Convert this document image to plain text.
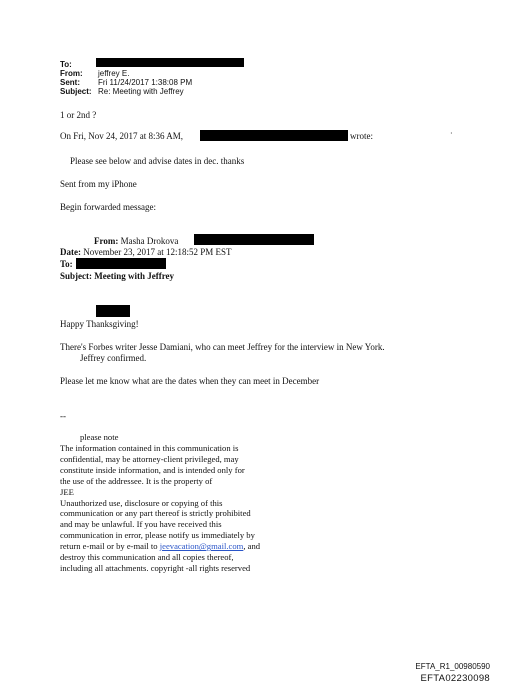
To:
From: jeffrey E.
Sent: Fri 11/24/2017 1:38:08 PM
Subject: Re: Meeting with Jeffrey
1 or 2nd ?
On Fri, Nov 24, 2017 at 8:36 AM,	wrote:	·
Please see below and advise dates in dec. thanks
Sent from my iPhone
Begin forwarded message:
From: Masha Drokova
Date: November 23, 2017 at 12:18:52 PM EST
To:
Subject: Meeting with Jeffrey
Happy Thanksgiving!
There's Forbes writer Jesse Damiani, who can meet Jeffrey for the interview in New York.
Jeffrey confirmed.
Please let me know what are the dates when they can meet in December
--
please note
The information contained in this communication is
confidential, may be attorney-client privileged, may
constitute inside information, and is intended only for
the use of the addressee. It is the property of
JEE
Unauthorized use, disclosure or copying of this
communication or any part thereof is strictly prohibited
and may be unlawful. If you have received this
communication in error, please notify us immediately by
return e-mail or by e-mail to jeevacation@gmail.com, and
destroy this communication and all copies thereof,
including all attachments. copyright -all rights reserved
EFTA_R1_00980590
EFTA02230098
